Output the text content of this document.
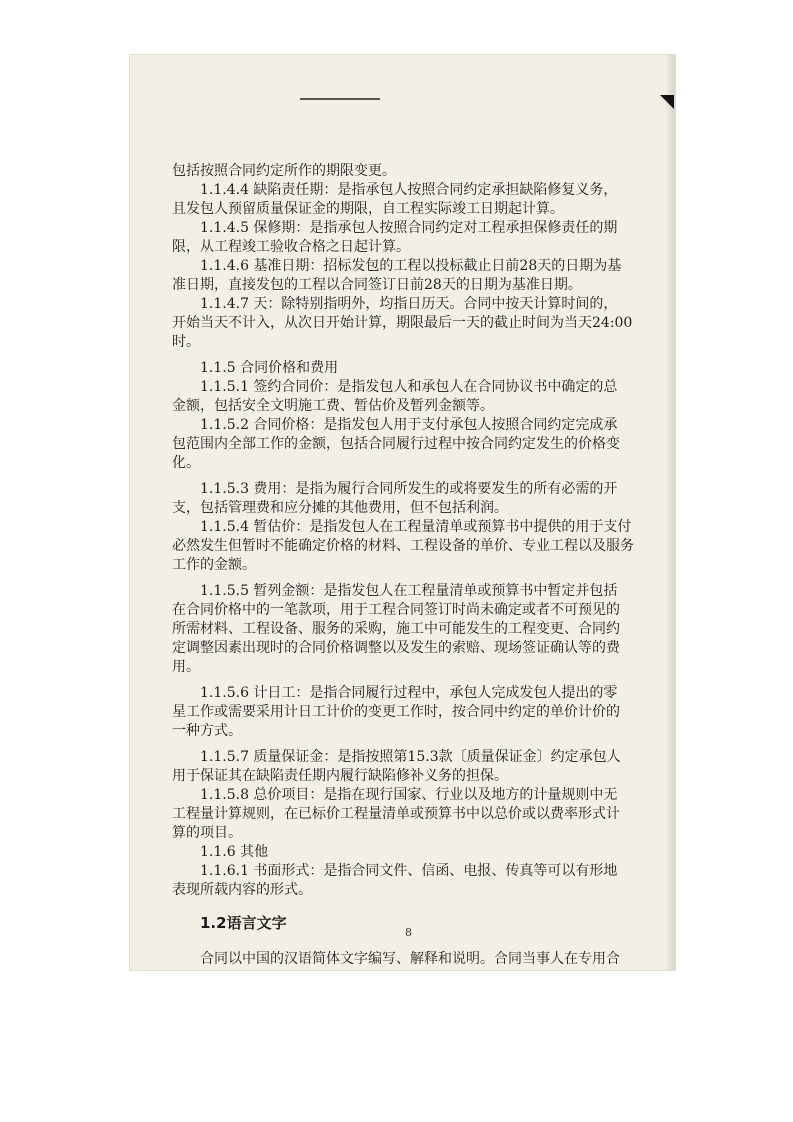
包括按照合同约定所作的期限变更。
1.1.4.4 缺陷责任期：是指承包人按照合同约定承担缺陷修复义务，
且发包人预留质量保证金的期限，自工程实际竣工日期起计算。
1.1.4.5 保修期：是指承包人按照合同约定对工程承担保修责任的期
限，从工程竣工验收合格之日起计算。
1.1.4.6 基准日期：招标发包的工程以投标截止日前28天的日期为基
准日期，直接发包的工程以合同签订日前28天的日期为基准日期。
1.1.4.7 天：除特别指明外，均指日历天。合同中按天计算时间的，
开始当天不计入，从次日开始计算，期限最后一天的截止时间为当天24:00
时。
1.1.5 合同价格和费用
1.1.5.1 签约合同价：是指发包人和承包人在合同协议书中确定的总
金额，包括安全文明施工费、暂估价及暂列金额等。
1.1.5.2 合同价格：是指发包人用于支付承包人按照合同约定完成承
包范围内全部工作的金额，包括合同履行过程中按合同约定发生的价格变
化。
1.1.5.3 费用：是指为履行合同所发生的或将要发生的所有必需的开
支，包括管理费和应分摊的其他费用，但不包括利润。
1.1.5.4 暂估价：是指发包人在工程量清单或预算书中提供的用于支付
必然发生但暂时不能确定价格的材料、工程设备的单价、专业工程以及服务
工作的金额。
1.1.5.5 暂列金额：是指发包人在工程量清单或预算书中暂定并包括
在合同价格中的一笔款项，用于工程合同签订时尚未确定或者不可预见的
所需材料、工程设备、服务的采购，施工中可能发生的工程变更、合同约
定调整因素出现时的合同价格调整以及发生的索赔、现场签证确认等的费
用。
1.1.5.6 计日工：是指合同履行过程中，承包人完成发包人提出的零
星工作或需要采用计日工计价的变更工作时，按合同中约定的单价计价的
一种方式。
1.1.5.7 质量保证金：是指按照第15.3款〔质量保证金〕约定承包人
用于保证其在缺陷责任期内履行缺陷修补义务的担保。
1.1.5.8 总价项目：是指在现行国家、行业以及地方的计量规则中无
工程量计算规则，在已标价工程量清单或预算书中以总价或以费率形式计
算的项目。
1.1.6 其他
1.1.6.1 书面形式：是指合同文件、信函、电报、传真等可以有形地
表现所载内容的形式。
1.2语言文字
合同以中国的汉语简体文字编写、解释和说明。合同当事人在专用合
8
